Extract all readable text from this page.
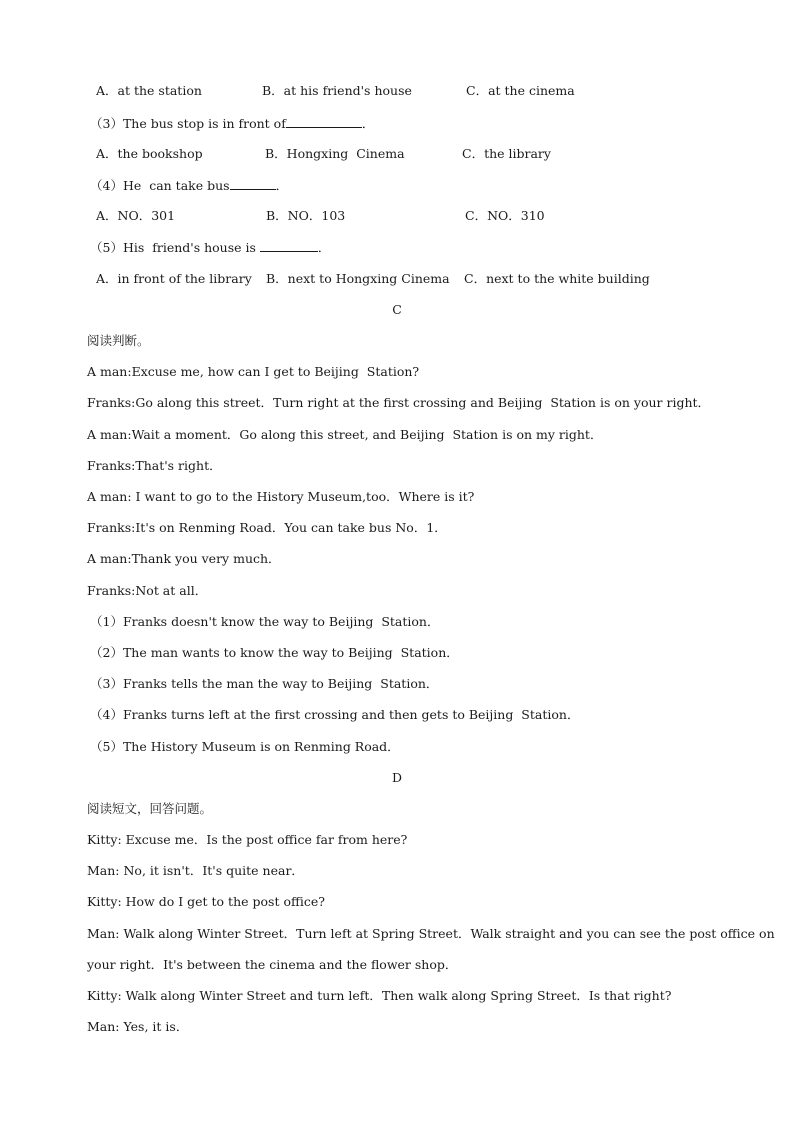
A．at the station	B．at his friend's house	C．at the cinema
（3）The bus stop is in front of	．
A．the bookshop	B．Hongxing  Cinema	C．the library
（4）He  can take bus	．
A．NO．301	B．NO．103	C．NO．310
（5）His  friend's house is	．
A．in front of the library B．next to Hongxing Cinema C．next to the white building
C
阅读判断。
A man:Excuse me, how can I get to Beijing  Station?
Franks:Go along this street．Turn right at the first crossing and Beijing  Station is on your right．
A man:Wait a moment．Go along this street, and Beijing  Station is on my right．
Franks:That's right．
A man: I want to go to the History Museum,too．Where is it?
Franks:It's on Renming Road．You can take bus No．1．
A man:Thank you very much．
Franks:Not at all．
（1）Franks doesn't know the way to Beijing  Station．
（2）The man wants to know the way to Beijing  Station．
（3）Franks tells the man the way to Beijing  Station．
（4）Franks turns left at the first crossing and then gets to Beijing  Station．
（5）The History Museum is on Renming Road．
D
阅读短文，回答问题。
Kitty: Excuse me．Is the post office far from here?
Man: No, it isn't．It's quite near．
Kitty: How do I get to the post office?
Man: Walk along Winter Street．Turn left at Spring Street．Walk straight and you can see the post office on
your right．It's between the cinema and the flower shop．
Kitty: Walk along Winter Street and turn left．Then walk along Spring Street．Is that right?
Man: Yes, it is．
